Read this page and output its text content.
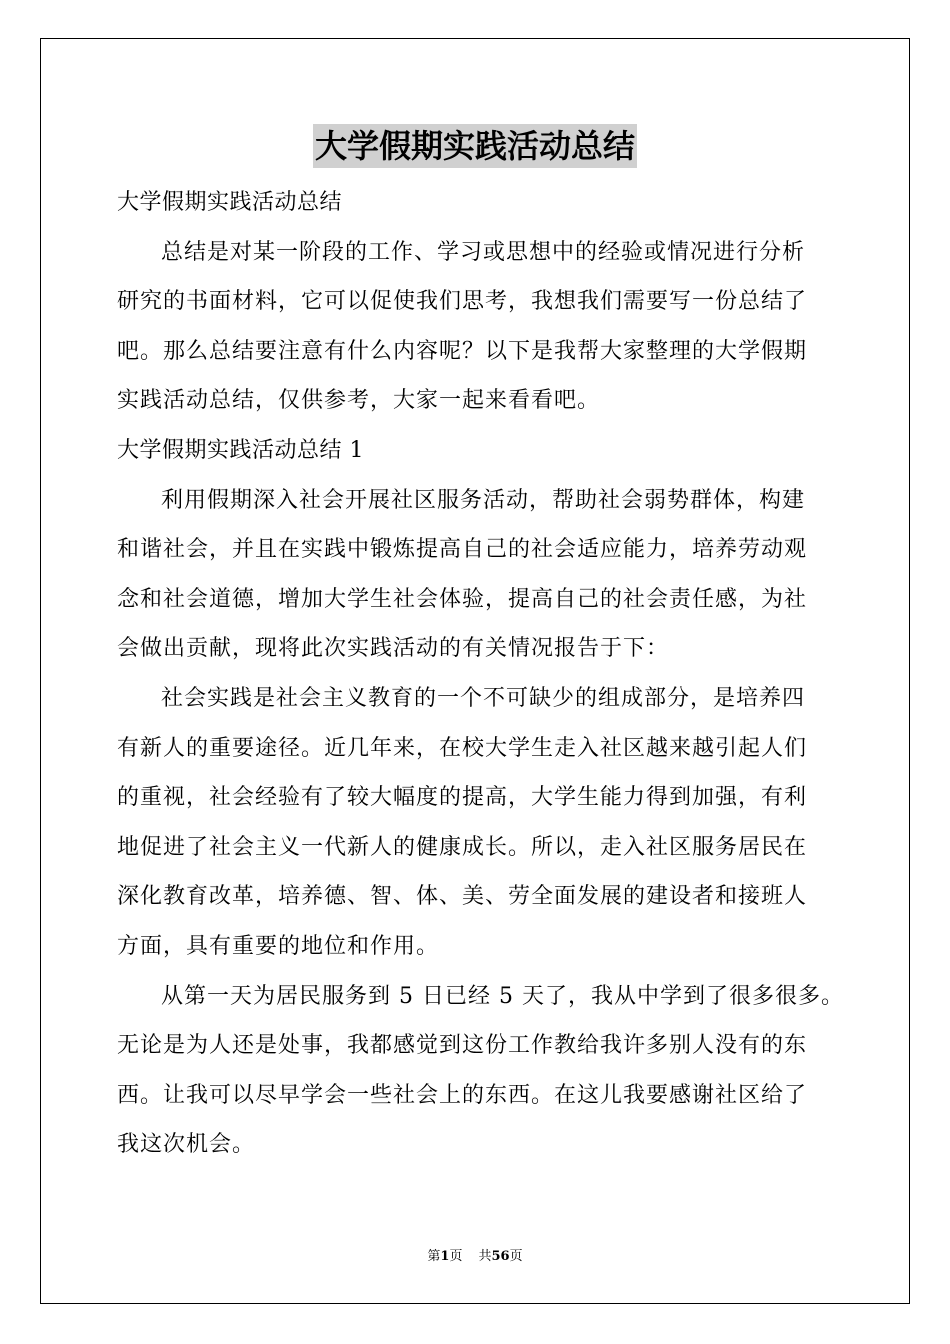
大学假期实践活动总结
大学假期实践活动总结
总结是对某一阶段的工作、学习或思想中的经验或情况进行分析
研究的书面材料，它可以促使我们思考，我想我们需要写一份总结了
吧。那么总结要注意有什么内容呢？以下是我帮大家整理的大学假期
实践活动总结，仅供参考，大家一起来看看吧。
大学假期实践活动总结 1
利用假期深入社会开展社区服务活动，帮助社会弱势群体，构建
和谐社会，并且在实践中锻炼提高自己的社会适应能力，培养劳动观
念和社会道德，增加大学生社会体验，提高自己的社会责任感，为社
会做出贡献，现将此次实践活动的有关情况报告于下：
社会实践是社会主义教育的一个不可缺少的组成部分，是培养四
有新人的重要途径。近几年来，在校大学生走入社区越来越引起人们
的重视，社会经验有了较大幅度的提高，大学生能力得到加强，有利
地促进了社会主义一代新人的健康成长。所以，走入社区服务居民在
深化教育改革，培养德、智、体、美、劳全面发展的建设者和接班人
方面，具有重要的地位和作用。
从第一天为居民服务到 5 日已经 5 天了，我从中学到了很多很多。
无论是为人还是处事，我都感觉到这份工作教给我许多别人没有的东
西。让我可以尽早学会一些社会上的东西。在这儿我要感谢社区给了
我这次机会。
第1页 共56页
